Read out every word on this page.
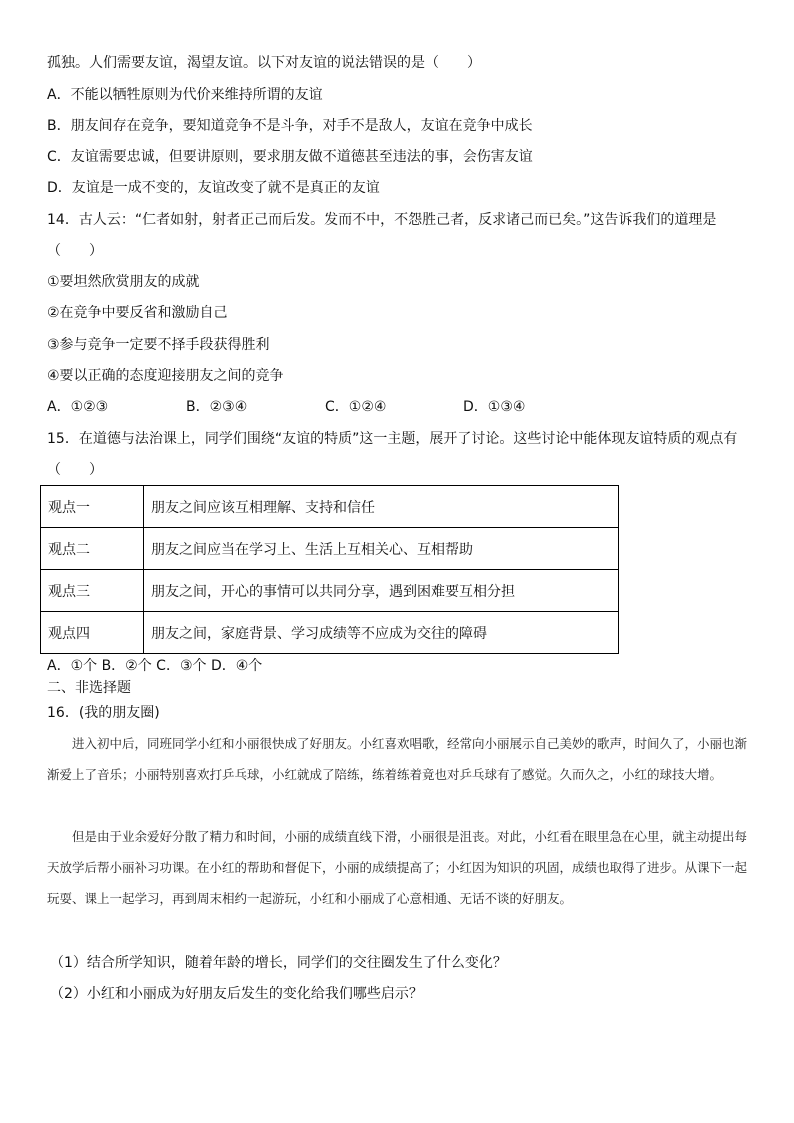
孤独。人们需要友谊，渴望友谊。以下对友谊的说法错误的是（　　）
A．不能以牺牲原则为代价来维持所谓的友谊
B．朋友间存在竞争，要知道竞争不是斗争，对手不是敌人，友谊在竞争中成长
C．友谊需要忠诚，但要讲原则，要求朋友做不道德甚至违法的事，会伤害友谊
D．友谊是一成不变的，友谊改变了就不是真正的友谊
14．古人云：“仁者如射，射者正己而后发。发而不中，不怨胜己者，反求诸己而已矣。”这告诉我们的道理是
（　　）
①要坦然欣赏朋友的成就
②在竞争中要反省和激励自己
③参与竞争一定要不择手段获得胜利
④要以正确的态度迎接朋友之间的竞争
A．①②③	B．②③④	C．①②④	D．①③④
15．在道德与法治课上，同学们围绕“友谊的特质”这一主题，展开了讨论。这些讨论中能体现友谊特质的观点有
（　　）
观点一	朋友之间应该互相理解、支持和信任
观点二	朋友之间应当在学习上、生活上互相关心、互相帮助
观点三	朋友之间，开心的事情可以共同分享，遇到困难要互相分担
观点四	朋友之间，家庭背景、学习成绩等不应成为交往的障碍
A．①个 B．②个 C．③个 D．④个
二、非选择题
16．(我的朋友圈)
进入初中后，同班同学小红和小丽很快成了好朋友。小红喜欢唱歌，经常向小丽展示自己美妙的歌声，时间久了，小丽也渐渐爱上了音乐；小丽特别喜欢打乒乓球，小红就成了陪练，练着练着竟也对乒乓球有了感觉。久而久之，小红的球技大增。
但是由于业余爱好分散了精力和时间，小丽的成绩直线下滑，小丽很是沮丧。对此，小红看在眼里急在心里，就主动提出每天放学后帮小丽补习功课。在小红的帮助和督促下，小丽的成绩提高了；小红因为知识的巩固，成绩也取得了进步。从课下一起玩耍、课上一起学习，再到周末相约一起游玩，小红和小丽成了心意相通、无话不谈的好朋友。
（1）结合所学知识，随着年龄的增长，同学们的交往圈发生了什么变化？
（2）小红和小丽成为好朋友后发生的变化给我们哪些启示？
